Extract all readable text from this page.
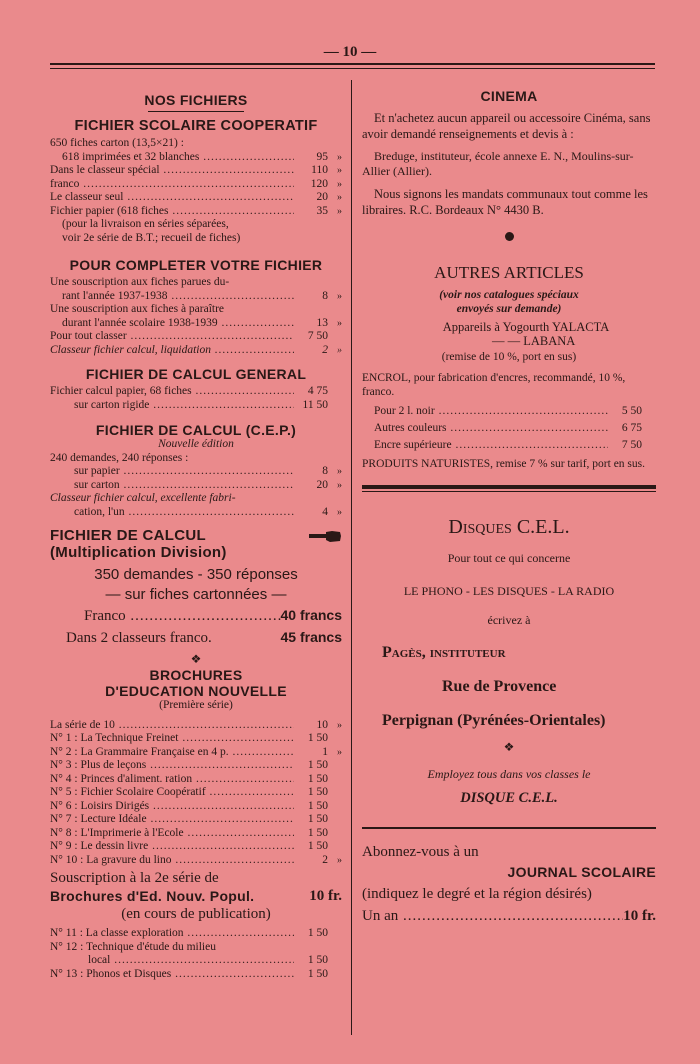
— 10 —
NOS FICHIERS
FICHIER SCOLAIRE COOPERATIF
650 fiches carton (13,5×21) :
618 imprimées et 32 blanches .....	95 »
Dans le classeur spécial .....	110 »
franco .....	120 »
Le classeur seul .....	20 »
Fichier papier (618 fiches .....	35 »
(pour la livraison en séries séparées,
voir 2e série de B.T.; recueil de fiches)
POUR COMPLETER VOTRE FICHIER
Une souscription aux fiches parues du-
rant l'année 1937-1938 .....	8 »
Une souscription aux fiches à paraître
durant l'année scolaire 1938-1939 .....	13 »
Pour tout classer .....	7 50
Classeur fichier calcul, liquidation .....	2 »
FICHIER DE CALCUL GENERAL
Fichier calcul papier, 68 fiches .....	4 75
sur carton rigide .....	11 50
FICHIER DE CALCUL (C.E.P.)
Nouvelle édition
240 demandes, 240 réponses :
sur papier .....	8 »
sur carton .....	20 »
Classeur fichier calcul, excellente fabri-
cation, l'un .....	4 »
FICHIER DE CALCUL
(Multiplication Division)
350 demandes - 350 réponses
— sur fiches cartonnées —
Franco .....	40 francs
Dans 2 classeurs franco.	45 francs
❖
BROCHURES
D'EDUCATION NOUVELLE
(Première série)
La série de 10 .....	10 »
N° 1 : La Technique Freinet .....	1 50
N° 2 : La Grammaire Française en 4 p. .....	1 »
N° 3 : Plus de leçons .....	1 50
N° 4 : Princes d'aliment. ration .....	1 50
N° 5 : Fichier Scolaire Coopératif .....	1 50
N° 6 : Loisirs Dirigés .....	1 50
N° 7 : Lecture Idéale .....	1 50
N° 8 : L'Imprimerie à l'Ecole .....	1 50
N° 9 : Le dessin livre .....	1 50
N° 10 : La gravure du lino .....	2 »
Souscription à la 2e série de
Brochures d'Ed. Nouv. Popul.	10 fr.
(en cours de publication)
N° 11 : La classe exploration .....	1 50
N° 12 : Technique d'étude du milieu
local .....	1 50
N° 13 : Phonos et Disques .....	1 50
CINEMA
Et n'achetez aucun appareil ou accessoire Cinéma, sans avoir demandé renseignements et devis à :
Breduge, instituteur, école annexe E. N., Moulins-sur-Allier (Allier).
Nous signons les mandats communaux tout comme les libraires. R.C. Bordeaux N° 4430 B.
AUTRES ARTICLES
(voir nos catalogues spéciaux
envoyés sur demande)
Appareils à Yogourth YALACTA
— — LABANA
(remise de 10 %, port en sus)
ENCROL, pour fabrication d'encres, recommandé, 10 %, franco.
Pour 2 l. noir .....	5 50
Autres couleurs .....	6 75
Encre supérieure .....	7 50
PRODUITS NATURISTES, remise 7 % sur tarif, port en sus.
Disques C.E.L.
Pour tout ce qui concerne
LE PHONO - LES DISQUES - LA RADIO
écrivez à
Pagès, instituteur
Rue de Provence
Perpignan (Pyrénées-Orientales)
❖
Employez tous dans vos classes le
DISQUE C.E.L.
Abonnez-vous à un
JOURNAL SCOLAIRE
(indiquez le degré et la région désirés)
Un an .....	10 fr.
